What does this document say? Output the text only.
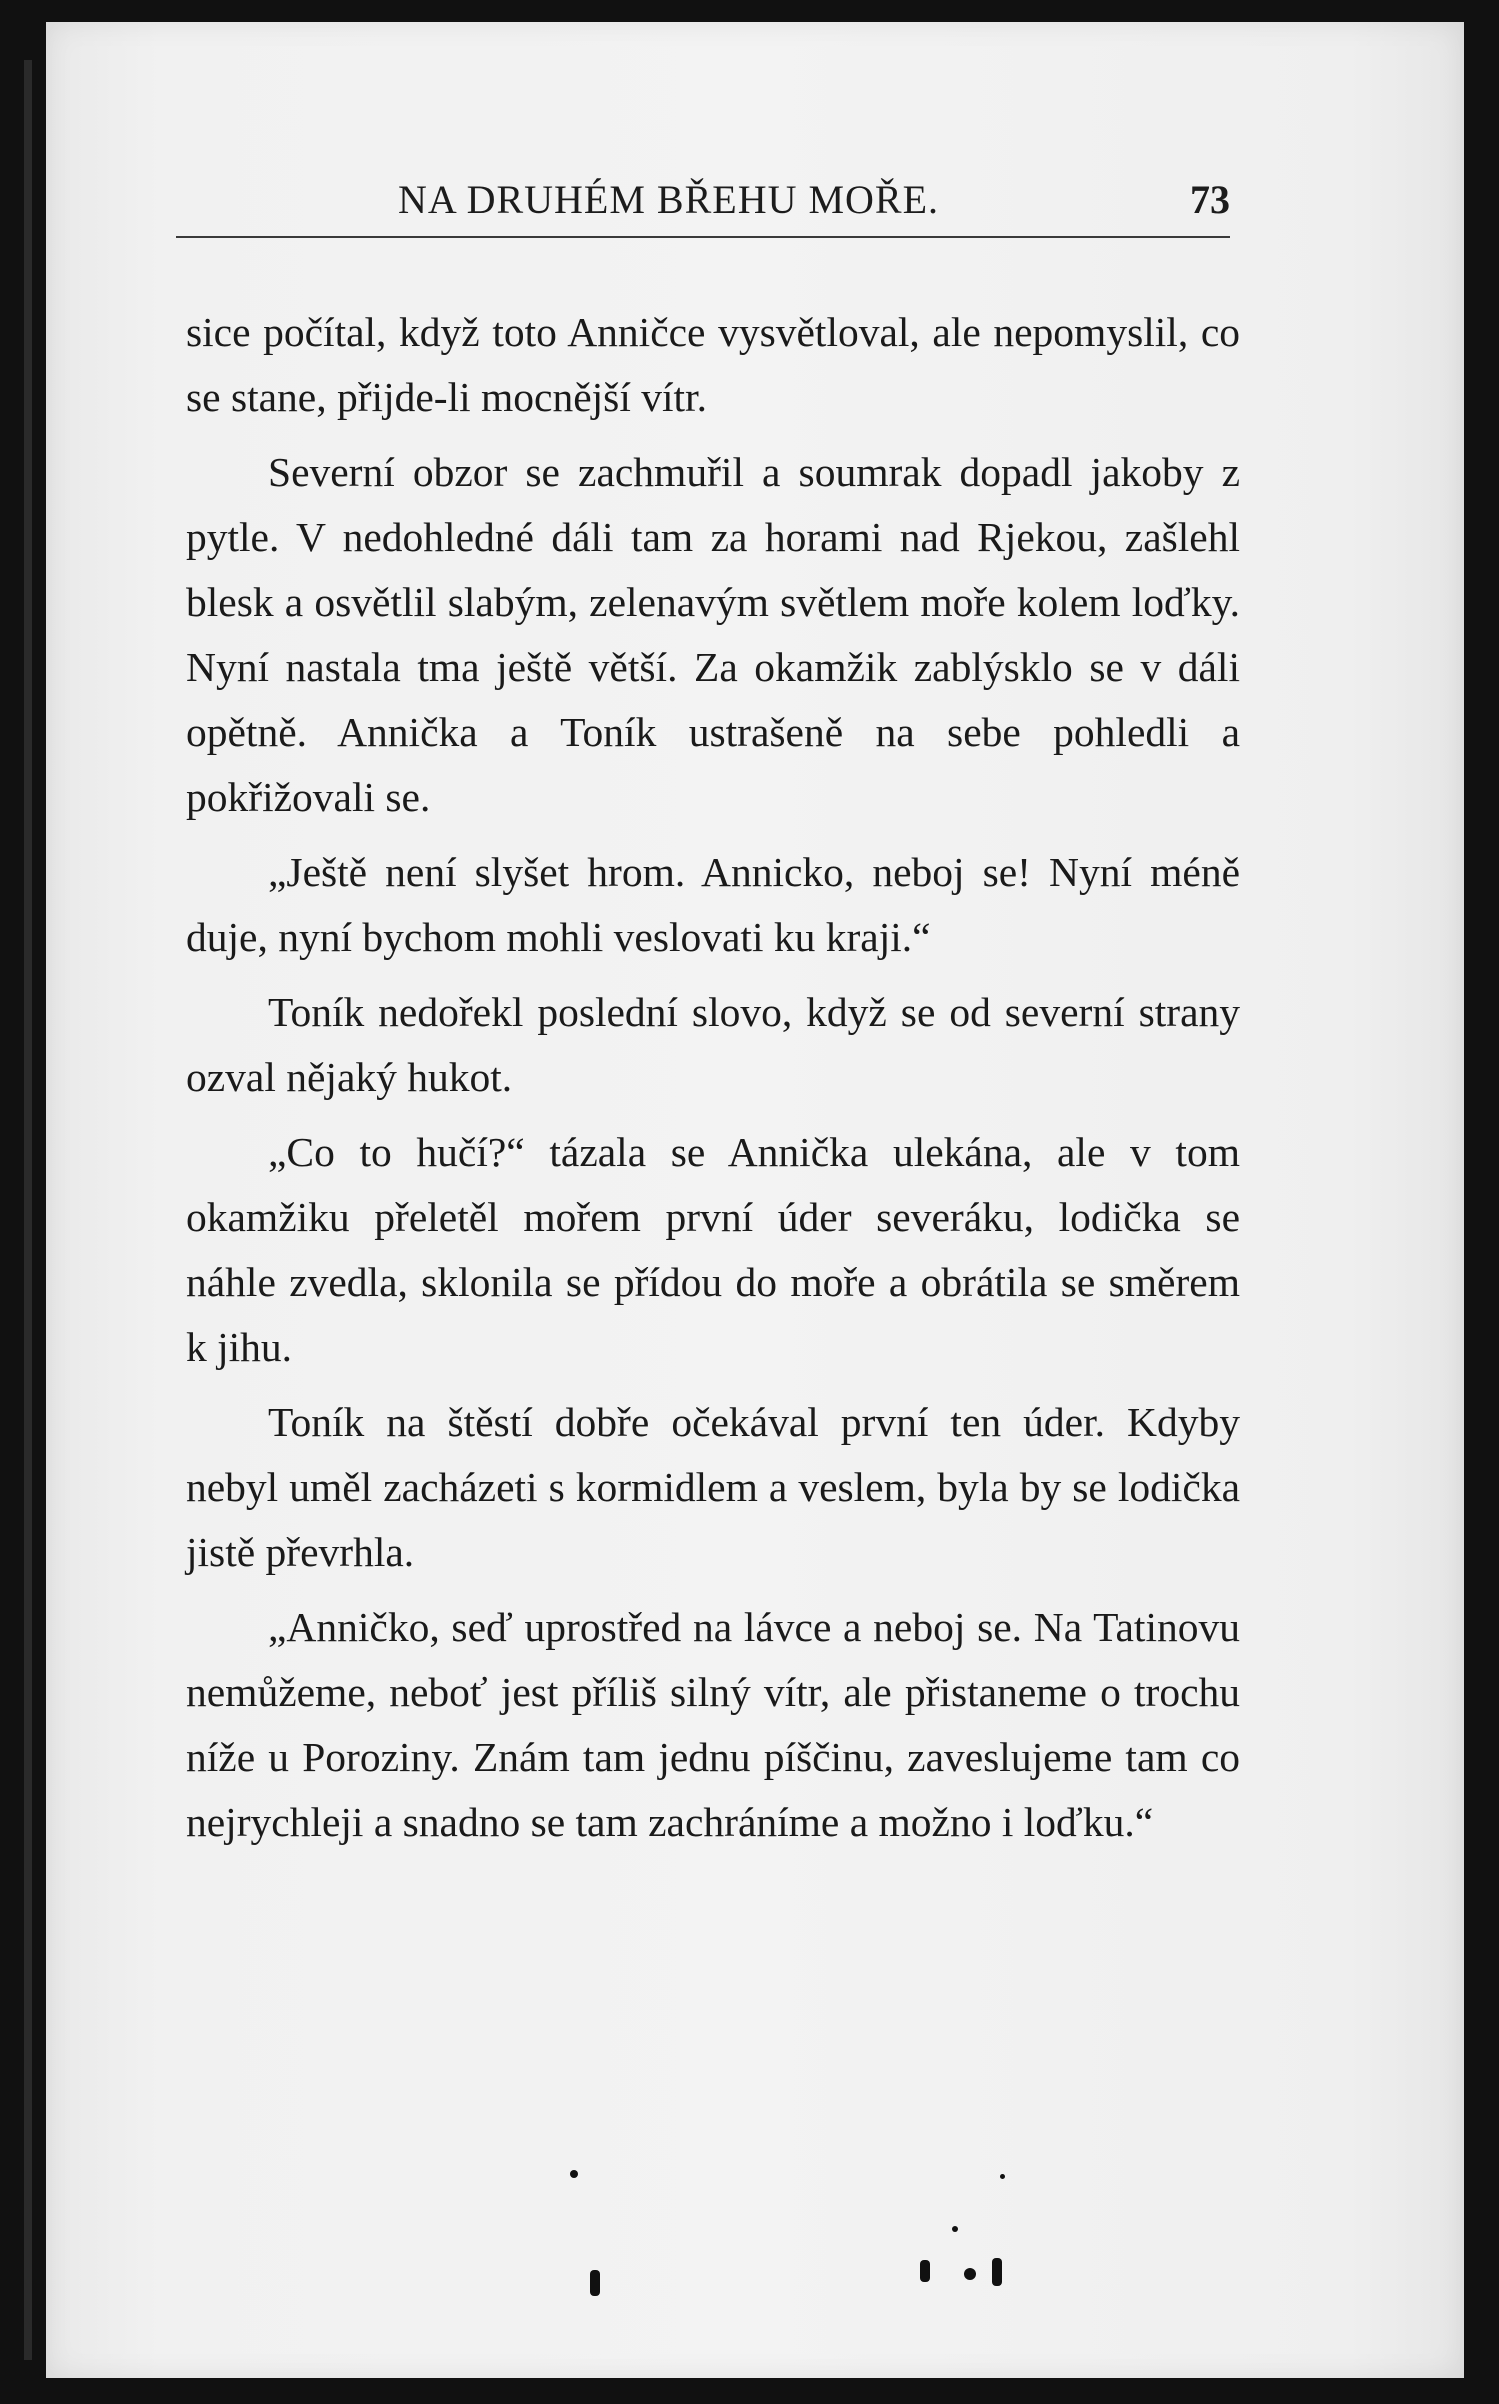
NA DRUHÉM BŘEHU MOŘE.	73

sice počítal, když toto Anničce vysvětloval, ale nepomyslil, co se stane, přijde-li mocnější vítr.

Severní obzor se zachmuřil a soumrak dopadl jakoby z pytle. V nedohledné dáli tam za horami nad Rjekou, zašlehl blesk a osvětlil slabým, zelenavým světlem moře kolem loďky. Nyní nastala tma ještě větší. Za okamžik zablýsklo se v dáli opětně. Annička a Toník ustrašeně na sebe pohledli a pokřižovali se.

„Ještě není slyšet hrom. Annicko, neboj se! Nyní méně duje, nyní bychom mohli veslovati ku kraji.“

Toník nedořekl poslední slovo, když se od severní strany ozval nějaký hukot.

„Co to hučí?“ tázala se Annička ulekána, ale v tom okamžiku přeletěl mořem první úder severáku, lodička se náhle zvedla, sklonila se přídou do moře a obrátila se směrem k jihu.

Toník na štěstí dobře očekával první ten úder. Kdyby nebyl uměl zacházeti s kormidlem a veslem, byla by se lodička jistě převrhla.

„Anničko, seď uprostřed na lávce a neboj se. Na Tatinovu nemůžeme, neboť jest příliš silný vítr, ale přistaneme o trochu níže u Poroziny. Znám tam jednu píščinu, zaveslujeme tam co nejrychleji a snadno se tam zachráníme a možno i loďku.“
